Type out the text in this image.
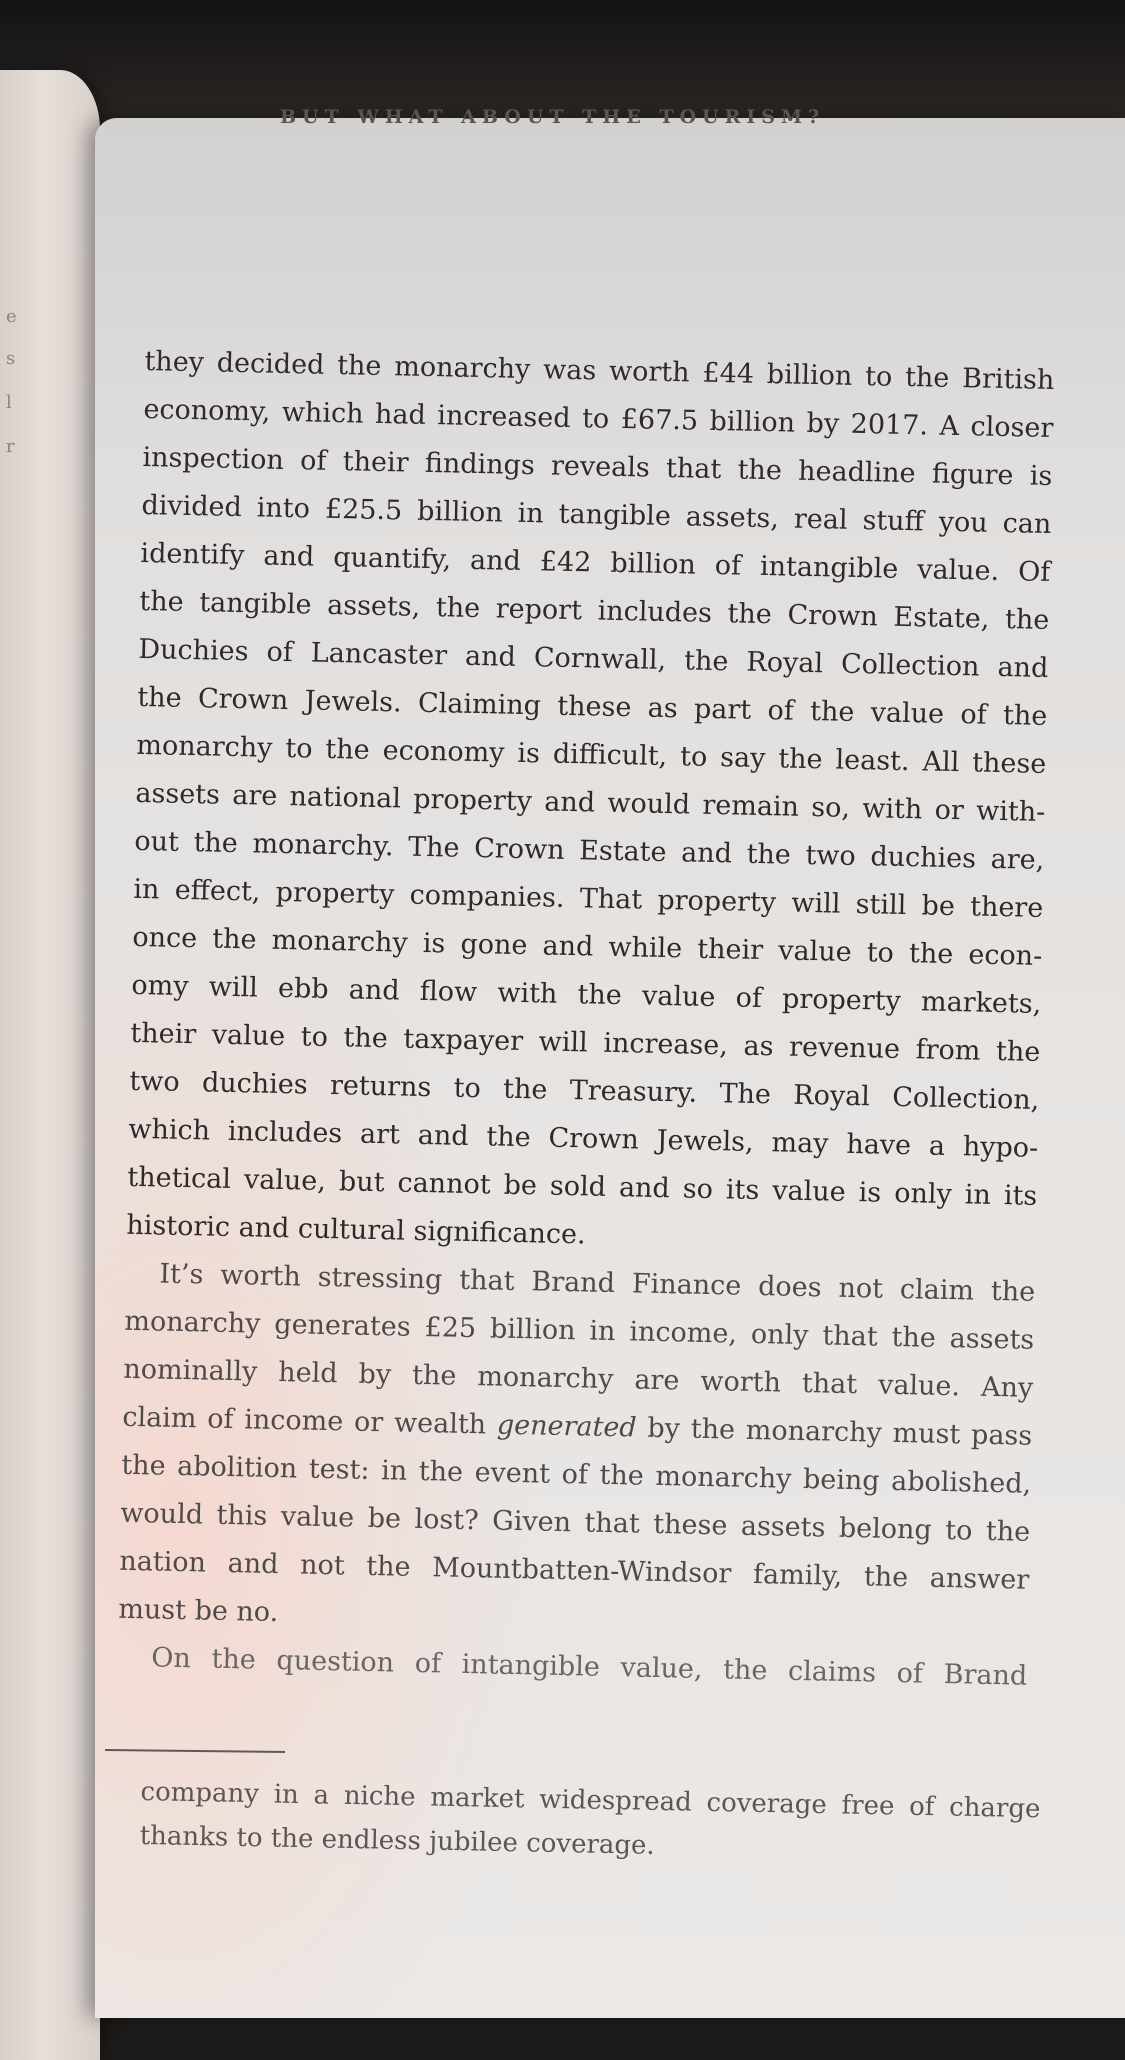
e
s
l
r
BUT WHAT ABOUT THE TOURISM?
they decided the monarchy was worth £44 billion to the British
economy, which had increased to £67.5 billion by 2017. A closer
inspection of their findings reveals that the headline figure is
divided into £25.5 billion in tangible assets, real stuff you can
identify and quantify, and £42 billion of intangible value. Of
the tangible assets, the report includes the Crown Estate, the
Duchies of Lancaster and Cornwall, the Royal Collection and
the Crown Jewels. Claiming these as part of the value of the
monarchy to the economy is difficult, to say the least. All these
assets are national property and would remain so, with or with-
out the monarchy. The Crown Estate and the two duchies are,
in effect, property companies. That property will still be there
once the monarchy is gone and while their value to the econ-
omy will ebb and flow with the value of property markets,
their value to the taxpayer will increase, as revenue from the
two duchies returns to the Treasury. The Royal Collection,
which includes art and the Crown Jewels, may have a hypo-
thetical value, but cannot be sold and so its value is only in its
historic and cultural significance.
It’s worth stressing that Brand Finance does not claim the
monarchy generates £25 billion in income, only that the assets
nominally held by the monarchy are worth that value. Any
claim of income or wealth generated by the monarchy must pass
the abolition test: in the event of the monarchy being abolished,
would this value be lost? Given that these assets belong to the
nation and not the Mountbatten-Windsor family, the answer
must be no.
On the question of intangible value, the claims of Brand
company in a niche market widespread coverage free of charge
thanks to the endless jubilee coverage.
